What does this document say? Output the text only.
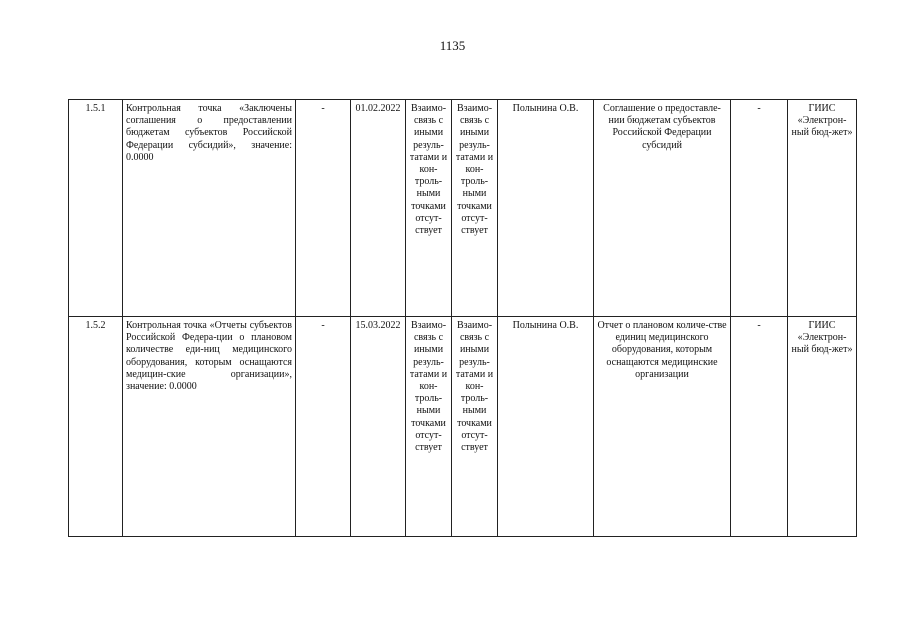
1135
1.5.1	Контрольная точка «Заключены соглашения о предоставлении бюджетам субъектов Российской Федерации субсидий», значение: 0.0000	-	01.02.2022	Взаимо-связь с иными резуль-татами и кон-троль-ными точками отсут-ствует	Взаимо-связь с иными резуль-татами и кон-троль-ными точками отсут-ствует	Полынина О.В.	Соглашение о предоставле-нии бюджетам субъектов Российской Федерации субсидий	-	ГИИС «Электрон-ный бюд-жет»
1.5.2	Контрольная точка «Отчеты субъектов Российской Федера-ции о плановом количестве еди-ниц медицинского оборудования, которым оснащаются медицин-ские организации», значение: 0.0000	-	15.03.2022	Взаимо-связь с иными резуль-татами и кон-троль-ными точками отсут-ствует	Взаимо-связь с иными резуль-татами и кон-троль-ными точками отсут-ствует	Полынина О.В.	Отчет о плановом количе-стве единиц медицинского оборудования, которым оснащаются медицинские организации	-	ГИИС «Электрон-ный бюд-жет»
